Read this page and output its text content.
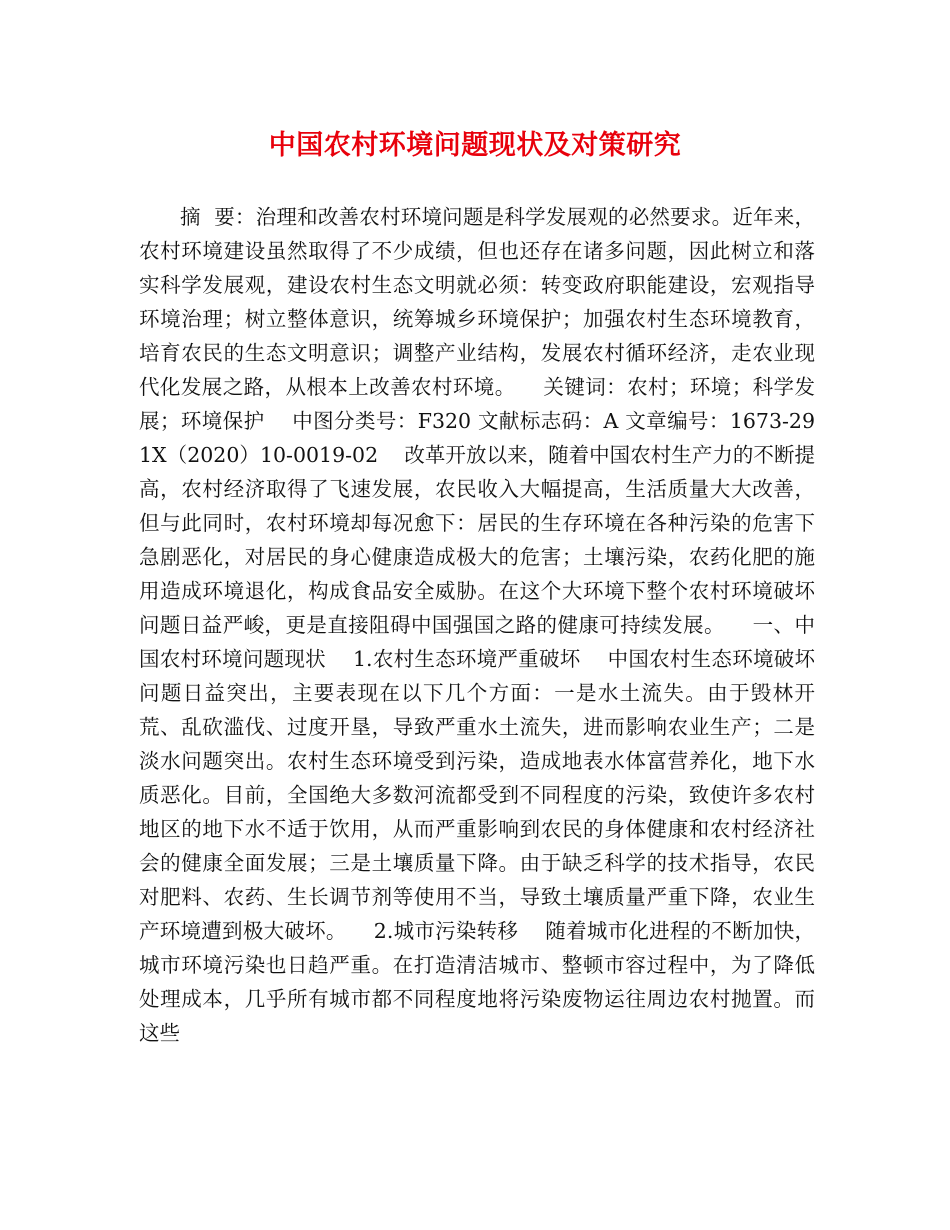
中国农村环境问题现状及对策研究

摘  要：治理和改善农村环境问题是科学发展观的必然要求。近年来，农村环境建设虽然取得了不少成绩，但也还存在诸多问题，因此树立和落实科学发展观，建设农村生态文明就必须：转变政府职能建设，宏观指导环境治理；树立整体意识，统筹城乡环境保护；加强农村生态环境教育，培育农民的生态文明意识；调整产业结构，发展农村循环经济，走农业现代化发展之路，从根本上改善农村环境。    关键词：农村；环境；科学发展；环境保护    中图分类号：F320 文献标志码：A 文章编号：1673-291X（2020）10-0019-02    改革开放以来，随着中国农村生产力的不断提高，农村经济取得了飞速发展，农民收入大幅提高，生活质量大大改善，但与此同时，农村环境却每况愈下：居民的生存环境在各种污染的危害下急剧恶化，对居民的身心健康造成极大的危害；土壤污染，农药化肥的施用造成环境退化，构成食品安全威胁。在这个大环境下整个农村环境破坏问题日益严峻，更是直接阻碍中国强国之路的健康可持续发展。    一、中国农村环境问题现状    1.农村生态环境严重破坏    中国农村生态环境破坏问题日益突出，主要表现在以下几个方面：一是水土流失。由于毁林开荒、乱砍滥伐、过度开垦，导致严重水土流失，进而影响农业生产；二是淡水问题突出。农村生态环境受到污染，造成地表水体富营养化，地下水质恶化。目前，全国绝大多数河流都受到不同程度的污染，致使许多农村地区的地下水不适于饮用，从而严重影响到农民的身体健康和农村经济社会的健康全面发展；三是土壤质量下降。由于缺乏科学的技术指导，农民对肥料、农药、生长调节剂等使用不当，导致土壤质量严重下降，农业生产环境遭到极大破坏。    2.城市污染转移    随着城市化进程的不断加快，城市环境污染也日趋严重。在打造清洁城市、整顿市容过程中，为了降低处理成本，几乎所有城市都不同程度地将污染废物运往周边农村抛置。而这些
